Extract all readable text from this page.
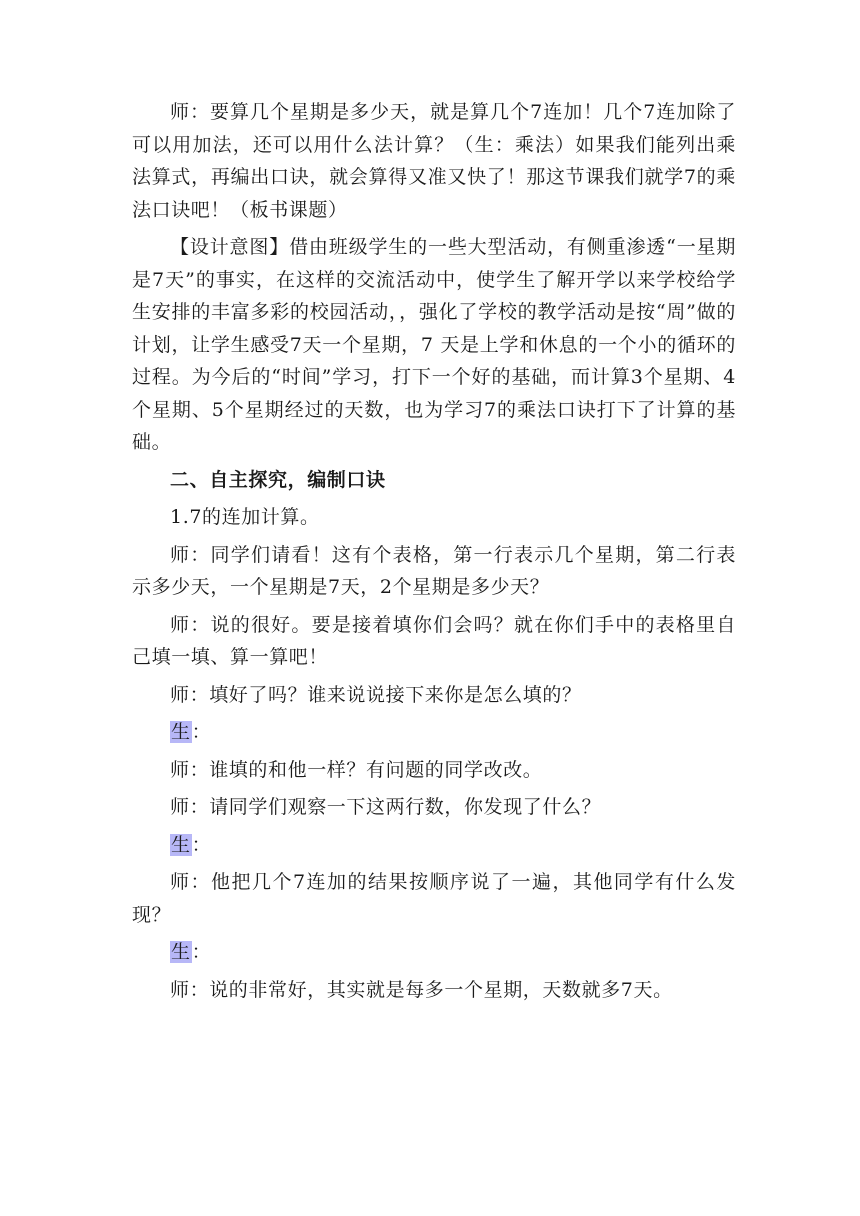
师：要算几个星期是多少天，就是算几个7连加！几个7连加除了可以用加法，还可以用什么法计算？（生：乘法）如果我们能列出乘法算式，再编出口诀，就会算得又准又快了！那这节课我们就学7的乘法口诀吧！（板书课题）

【设计意图】借由班级学生的一些大型活动，有侧重渗透“一星期是7天”的事实，在这样的交流活动中，使学生了解开学以来学校给学生安排的丰富多彩的校园活动，，强化了学校的教学活动是按“周”做的计划，让学生感受7天一个星期，7 天是上学和休息的一个小的循环的过程。为今后的“时间”学习，打下一个好的基础，而计算3个星期、4个星期、5个星期经过的天数，也为学习7的乘法口诀打下了计算的基础。

二、自主探究，编制口诀

1.7的连加计算。

师：同学们请看！这有个表格，第一行表示几个星期，第二行表示多少天，一个星期是7天，2个星期是多少天？

师：说的很好。要是接着填你们会吗？就在你们手中的表格里自己填一填、算一算吧！

师：填好了吗？谁来说说接下来你是怎么填的？

生：

师：谁填的和他一样？有问题的同学改改。

师：请同学们观察一下这两行数，你发现了什么？

生：

师：他把几个7连加的结果按顺序说了一遍，其他同学有什么发现？

生：

师：说的非常好，其实就是每多一个星期，天数就多7天。
